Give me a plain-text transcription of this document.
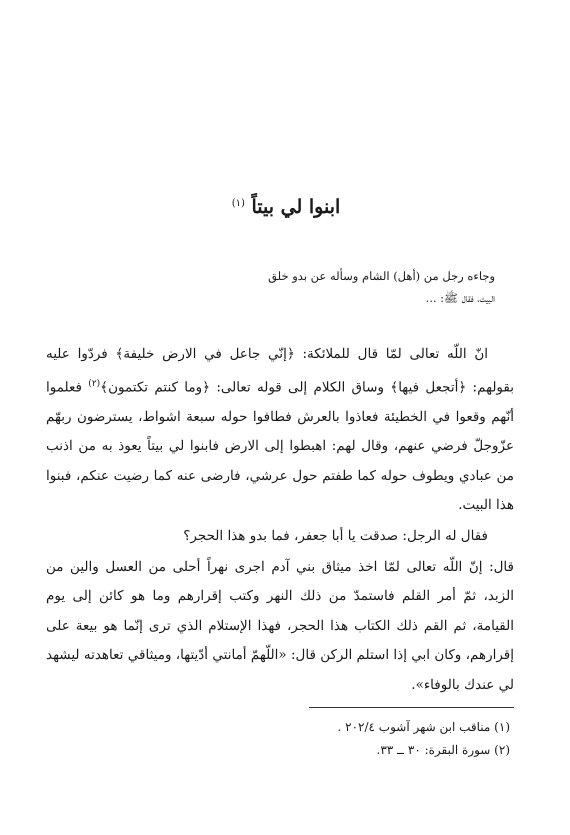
ابنوا لي بيتاً $^{(١)}$

وجاءه رجل من (أهل) الشام وسأله عن بدو خلق

البيت، فقال ﷺ: ...

انّ اللّه تعالى لمّا قال للملائكة: ﴿إنّي جاعل في الارض خليفة﴾ فردّوا عليه بقولهم: ﴿أتجعل فيها﴾ وساق الكلام إلى قوله تعالى: ﴿وما كنتم تكتمون﴾$^{(٢)}$ فعلموا أنّهم وقعوا في الخطيئة فعاذوا بالعرش فطافوا حوله سبعة اشواط، يسترضون ربهّم عزّوجلّ فرضي عنهم، وقال لهم: اهبطوا إلى الارض فابنوا لي بيتاً يعوذ به من اذنب من عبادي ويطوف حوله كما طفتم حول عرشي، فارضى عنه كما رضيت عنكم، فبنوا هذا البيت.

فقال له الرجل: صدقت يا أبا جعفر، فما بدو هذا الحجر؟

قال: إنّ اللّه تعالى لمّا اخذ ميثاق بني آدم اجرى نهراً أحلى من العسل والين من الزبد، ثمّ أمر القلم فاستمدّ من ذلك النهر وكتب إقرارهم وما هو كائن إلى يوم القيامة، ثم القم ذلك الكتاب هذا الحجر، فهذا الإستلام الذي ترى إنّما هو بيعة على إقرارهم، وكان ابي إذا استلم الركن قال: «اللّهمّ أمانتي أدّيتها، وميثاقي تعاهدته ليشهد لي عندك بالوفاء».

(١) مناقب ابن شهر آشوب ٢٠٢/٤ .

(٢) سورة البقرة: ٣٠ ــ ٣٣.
